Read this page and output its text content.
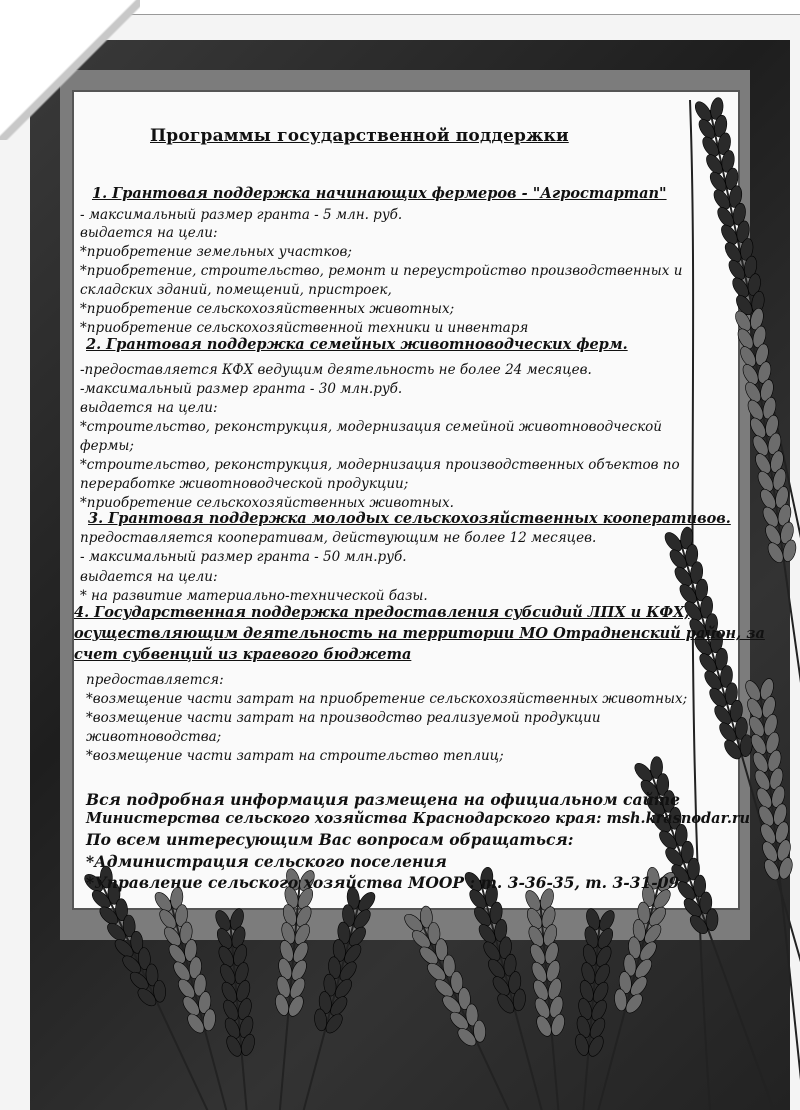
Программы государственной поддержки
1. Грантовая поддержка начинающих фермеров - "Агростартап"
- максимальный размер гранта - 5 млн. руб.
выдается на цели:
*приобретение земельных участков;
*приобретение, строительство, ремонт и переустройство производственных и
складских зданий, помещений, пристроек,
*приобретение сельскохозяйственных животных;
*приобретение сельскохозяйственной техники и инвентаря
2. Грантовая поддержка семейных животноводческих ферм.
-предоставляется КФХ ведущим деятельность не более 24 месяцев.
-максимальный размер гранта - 30 млн.руб.
выдается на цели:
*строительство, реконструкция, модернизация семейной животноводческой
фермы;
*строительство, реконструкция, модернизация производственных объектов по
переработке животноводческой продукции;
*приобретение сельскохозяйственных животных.
3. Грантовая поддержка молодых сельскохозяйственных кооперативов.
предоставляется кооперативам, действующим не более 12 месяцев.
- максимальный размер гранта - 50 млн.руб.
выдается на цели:
* на развитие материально-технической базы.
4. Государственная поддержка предоставления субсидий ЛПХ и КФХ,
осуществляющим деятельность на территории МО Отрадненский район, за
счет субвенций из краевого бюджета
предоставляется:
*возмещение части затрат на приобретение сельскохозяйственных животных;
*возмещение части затрат на производство реализуемой продукции
животноводства;
*возмещение части затрат на строительство теплиц;
Вся подробная информация размещена на официальном сайте
Министерства сельского хозяйства Краснодарского края: msh.krasnodar.ru
По всем интересующим Вас вопросам обращаться:
*Администрация сельского поселения
*Управление сельского хозяйства МООР : т. 3-36-35, т. 3-31-09
